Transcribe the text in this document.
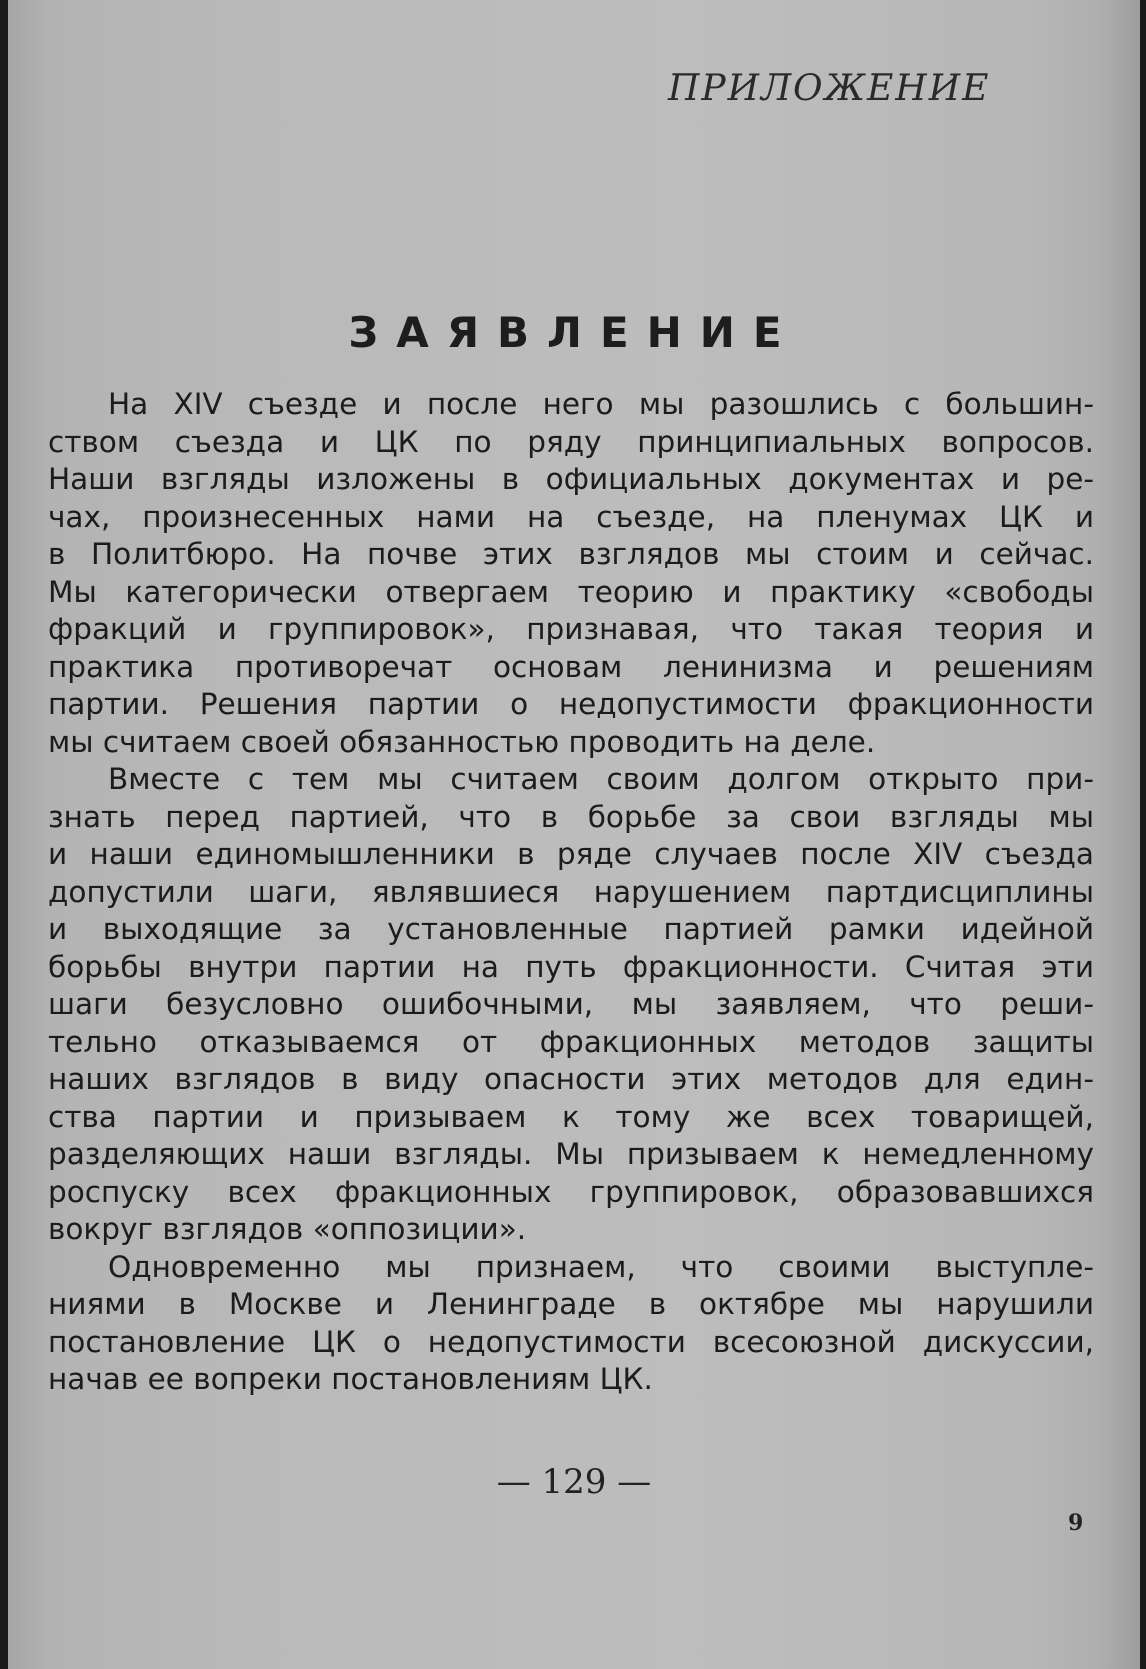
ПРИЛОЖЕНИЕ
ЗАЯВЛЕНИЕ
На XIV съезде и после него мы разошлись с большин-
ством съезда и ЦК по ряду принципиальных вопросов.
Наши взгляды изложены в официальных документах и ре-
чах, произнесенных нами на съезде, на пленумах ЦК и
в Политбюро. На почве этих взглядов мы стоим и сейчас.
Мы категорически отвергаем теорию и практику «свободы
фракций и группировок», признавая, что такая теория и
практика противоречат основам ленинизма и решениям
партии. Решения партии о недопустимости фракционности
мы считаем своей обязанностью проводить на деле.
Вместе с тем мы считаем своим долгом открыто при-
знать перед партией, что в борьбе за свои взгляды мы
и наши единомышленники в ряде случаев после XIV съезда
допустили шаги, являвшиеся нарушением партдисциплины
и выходящие за установленные партией рамки идейной
борьбы внутри партии на путь фракционности. Считая эти
шаги безусловно ошибочными, мы заявляем, что реши-
тельно отказываемся от фракционных методов защиты
наших взглядов в виду опасности этих методов для един-
ства партии и призываем к тому же всех товарищей,
разделяющих наши взгляды. Мы призываем к немедленному
роспуску всех фракционных группировок, образовавшихся
вокруг взглядов «оппозиции».
Одновременно мы признаем, что своими выступле-
ниями в Москве и Ленинграде в октябре мы нарушили
постановление ЦК о недопустимости всесоюзной дискуссии,
начав ее вопреки постановлениям ЦК.
— 129 —
9
